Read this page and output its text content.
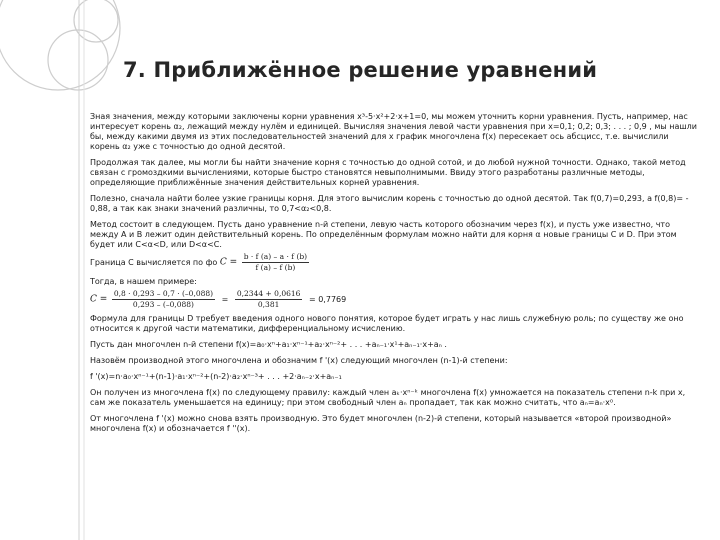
7. Приближённое решение уравнений

Зная значения, между которыми заключены корни уравнения x³-5·x²+2·x+1=0, мы можем уточнить корни уравнения. Пусть, например, нас интересует корень α₂, лежащий между нулём и единицей. Вычисляя значения левой части уравнения при x=0,1; 0,2; 0,3; . . . ; 0,9 , мы нашли бы, между какими двумя из этих последовательностей значений для x график многочлена f(x) пересекает ось абсцисс, т.е. вычислили корень α₂ уже с точностью до одной десятой.

Продолжая так далее, мы могли бы найти значение корня с точностью до одной сотой, и до любой нужной точности. Однако, такой метод связан с громоздкими вычислениями, которые быстро становятся невыполнимыми. Ввиду этого разработаны различные методы, определяющие приближённые значения действительных корней уравнения.

Полезно, сначала найти более узкие границы корня. Для этого вычислим корень с точностью до одной десятой. Так f(0,7)=0,293, а f(0,8)= - 0,88, а так как знаки значений различны, то 0,7<α₂<0,8.

Метод состоит в следующем. Пусть дано уравнение n-й степени, левую часть которого обозначим через f(x), и пусть уже известно, что между A и B лежит один действительный корень. По определённым формулам можно найти для корня α новые границы C и D. При этом будет или C<α<D, или D<α<C.

Граница C вычисляется по фо $C = \frac{b \cdot f (a) - a \cdot f (b)}{f (a) - f (b)}$

Тогда, в нашем примере:

$C = \frac{0,8 \cdot 0,293 - 0,7 \cdot (-0,088)}{0,293 - (-0,088)} = \frac{0,2344 + 0,0616}{0,381} = 0,7769$

Формула для границы D требует введения одного нового понятия, которое будет играть у нас лишь служебную роль; по существу же оно относится к другой части математики, дифференциальному исчислению.

Пусть дан многочлен n-й степени f(x)=a₀·xⁿ+a₁·xⁿ⁻¹+a₂·xⁿ⁻²+ . . . +aₙ₋₁·x¹+aₙ₋₁·x+aₙ .

Назовём производной этого многочлена и обозначим f '(x) следующий многочлен (n-1)-й степени:

f '(x)=n·a₀·xⁿ⁻¹+(n-1)·a₁·xⁿ⁻²+(n-2)·a₂·xⁿ⁻³+ . . . +2·aₙ₋₂·x+aₙ₋₁

Он получен из многочлена f(x) по следующему правилу: каждый член aₖ·xⁿ⁻ᵏ многочлена f(x) умножается на показатель степени n-k при x, сам же показатель уменьшается на единицу; при этом свободный член aₙ пропадает, так как можно считать, что aₙ=aₙ·x⁰.

От многочлена f '(x) можно снова взять производную. Это будет многочлен (n-2)-й степени, который называется «второй производной» многочлена f(x) и обозначается f ''(x).
